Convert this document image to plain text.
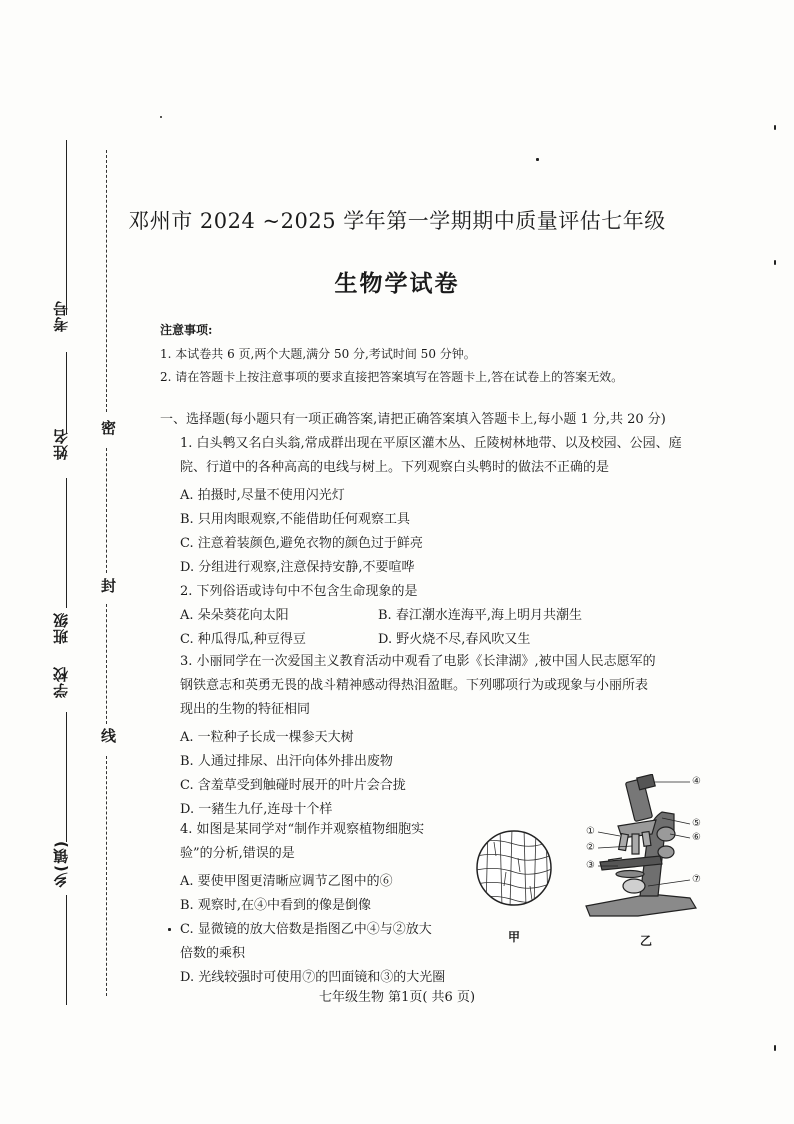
考号
姓名
班级
学校
乡(镇)
密
封
线
邓州市 2024 ~2025 学年第一学期期中质量评估七年级
生物学试卷
注意事项:
1. 本试卷共 6 页,两个大题,满分 50 分,考试时间 50 分钟。
2. 请在答题卡上按注意事项的要求直接把答案填写在答题卡上,答在试卷上的答案无效。
一、选择题(每小题只有一项正确答案,请把正确答案填入答题卡上,每小题 1 分,共 20 分)
1. 白头鹎又名白头翁,常成群出现在平原区灌木丛、丘陵树林地带、以及校园、公园、庭
院、行道中的各种高高的电线与树上。下列观察白头鹎时的做法不正确的是
A. 拍摄时,尽量不使用闪光灯
B. 只用肉眼观察,不能借助任何观察工具
C. 注意着装颜色,避免衣物的颜色过于鲜亮
D. 分组进行观察,注意保持安静,不要喧哗
2. 下列俗语或诗句中不包含生命现象的是
A. 朵朵葵花向太阳	B. 春江潮水连海平,海上明月共潮生
C. 种瓜得瓜,种豆得豆	D. 野火烧不尽,春风吹又生
3. 小丽同学在一次爱国主义教育活动中观看了电影《长津湖》,被中国人民志愿军的
钢铁意志和英勇无畏的战斗精神感动得热泪盈眶。下列哪项行为或现象与小丽所表
现出的生物的特征相同
A. 一粒种子长成一棵参天大树
B. 人通过排尿、出汗向体外排出废物
C. 含羞草受到触碰时展开的叶片会合拢
D. 一豬生九仔,连母十个样
4. 如图是某同学对“制作并观察植物细胞实
验”的分析,错误的是
A. 要使甲图更清晰应调节乙图中的⑥
B. 观察时,在④中看到的像是倒像
C. 显微镜的放大倍数是指图乙中④与②放大
倍数的乘积
D. 光线较强时可使用⑦的凹面镜和③的大光圈
甲
④
⑤
⑥
⑦
①
②
③
乙
七年级生物 第1页( 共6 页)
